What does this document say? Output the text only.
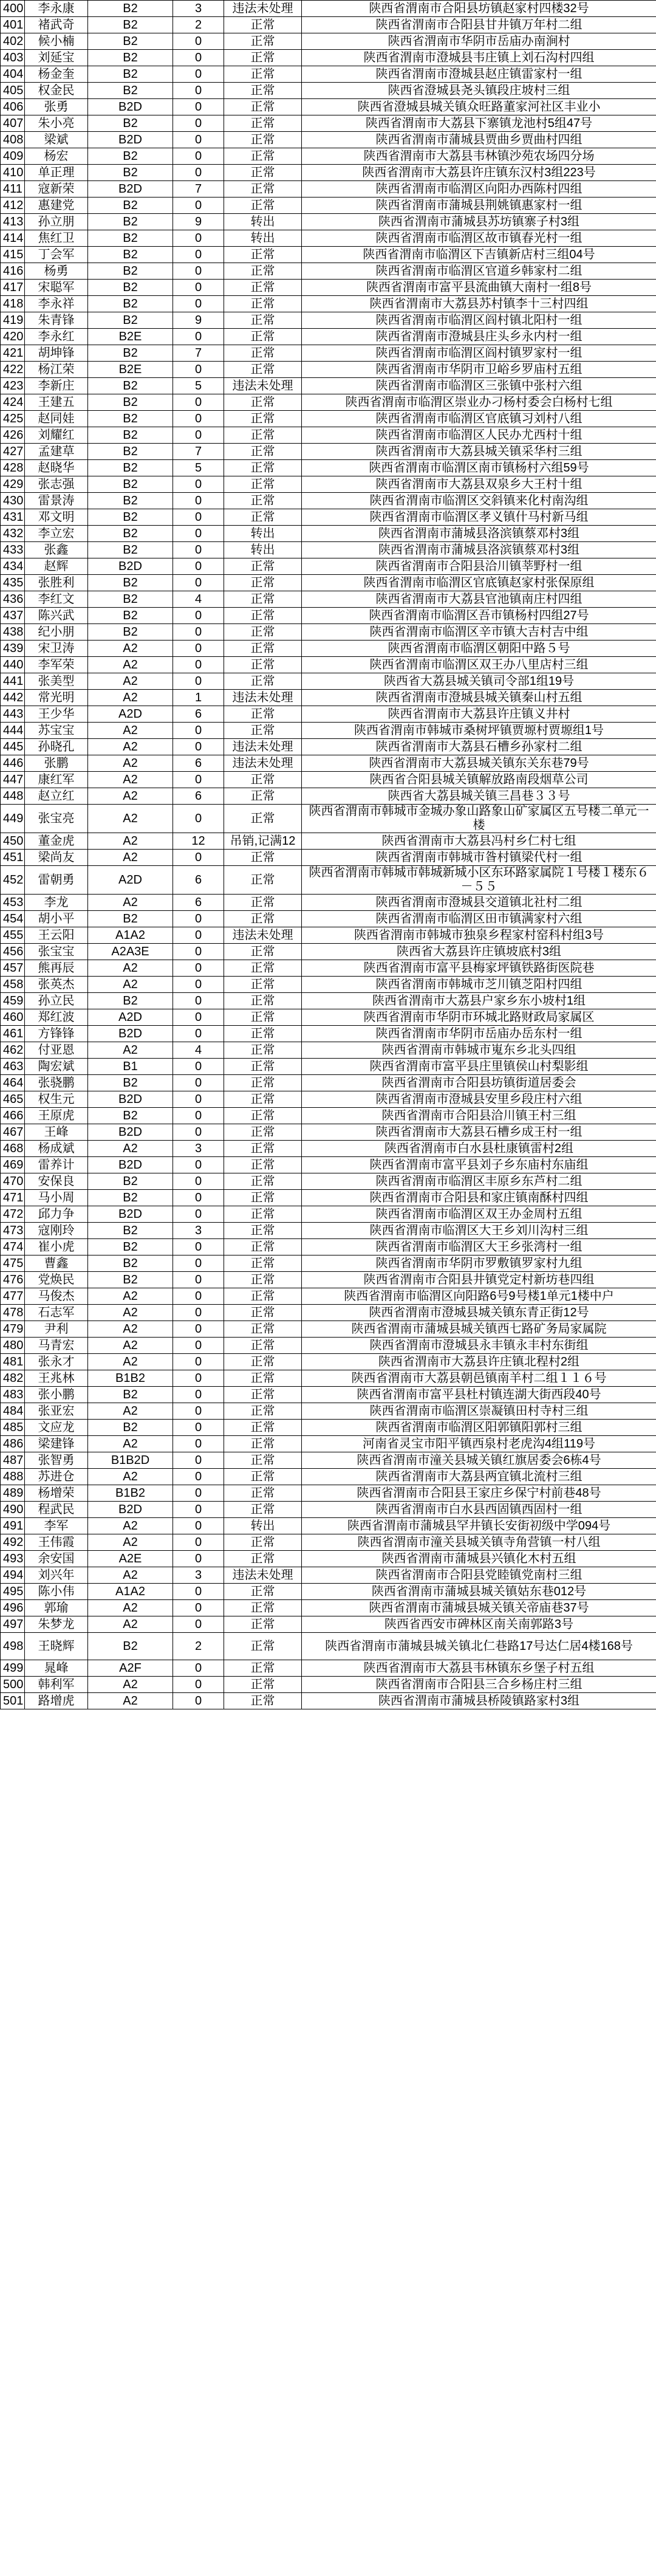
400	李永康	B2	3	违法未处理	陕西省渭南市合阳县坊镇赵家村四楼32号
401	褚武奇	B2	2	正常	陕西省渭南市合阳县甘井镇万年村二组
402	候小楠	B2	0	正常	陕西省渭南市华阴市岳庙办南涧村
403	刘延宝	B2	0	正常	陕西省渭南市澄城县韦庄镇上刘石沟村四组
404	杨金奎	B2	0	正常	陕西省渭南市澄城县赵庄镇雷家村一组
405	权金民	B2	0	正常	陕西省澄城县尧头镇段庄坡村三组
406	张勇	B2D	0	正常	陕西省澄城县城关镇众旺路董家河社区丰业小
407	朱小亮	B2	0	正常	陕西省渭南市大荔县下寨镇龙池村5组47号
408	梁斌	B2D	0	正常	陕西省渭南市蒲城县贾曲乡贾曲村四组
409	杨宏	B2	0	正常	陕西省渭南市大荔县韦林镇沙苑农场四分场
410	单正理	B2	0	正常	陕西省渭南市大荔县许庄镇东汉村3组223号
411	寇新荣	B2D	7	正常	陕西省渭南市临渭区向阳办西陈村四组
412	惠建党	B2	0	正常	陕西省渭南市蒲城县荆姚镇惠家村一组
413	孙立朋	B2	9	转出	陕西省渭南市蒲城县苏坊镇寨子村3组
414	焦红卫	B2	0	转出	陕西省渭南市临渭区故市镇春光村一组
415	丁会军	B2	0	正常	陕西省渭南市临渭区下吉镇新店村三组04号
416	杨勇	B2	0	正常	陕西省渭南市临渭区官道乡韩家村二组
417	宋聪军	B2	0	正常	陕西省渭南市富平县流曲镇大南村一组8号
418	李永祥	B2	0	正常	陕西省渭南市大荔县苏村镇李十三村四组
419	朱青锋	B2	9	正常	陕西省渭南市临渭区阎村镇北阳村一组
420	李永红	B2E	0	正常	陕西省渭南市澄城县庄头乡永内村一组
421	胡坤锋	B2	7	正常	陕西省渭南市临渭区阎村镇罗家村一组
422	杨江荣	B2E	0	正常	陕西省渭南市华阴市卫峪乡罗庙村五组
423	李新庄	B2	5	违法未处理	陕西省渭南市临渭区三张镇中张村六组
424	王建五	B2	0	正常	陕西省渭南市临渭区崇业办刁杨村委会白杨村七组
425	赵同娃	B2	0	正常	陕西省渭南市临渭区官底镇习刘村八组
426	刘耀红	B2	0	正常	陕西省渭南市临渭区人民办尤西村十组
427	孟建草	B2	7	正常	陕西省渭南市大荔县城关镇采华村三组
428	赵晓华	B2	5	正常	陕西省渭南市临渭区南市镇杨村六组59号
429	张志强	B2	0	正常	陕西省渭南市大荔县双泉乡大王村十组
430	雷景涛	B2	0	正常	陕西省渭南市临渭区交斜镇来化村南沟组
431	邓文明	B2	0	正常	陕西省渭南市临渭区孝义镇什马村新马组
432	李立宏	B2	0	转出	陕西省渭南市蒲城县洛滨镇蔡邓村3组
433	张鑫	B2	0	转出	陕西省渭南市蒲城县洛滨镇蔡邓村3组
434	赵辉	B2D	0	正常	陕西省渭南市合阳县洽川镇莘野村一组
435	张胜利	B2	0	正常	陕西省渭南市临渭区官底镇赵家村张保原组
436	李红文	B2	4	正常	陕西省渭南市大荔县官池镇南庄村四组
437	陈兴武	B2	0	正常	陕西省渭南市临渭区吾市镇杨村四组27号
438	纪小朋	B2	0	正常	陕西省渭南市临渭区辛市镇大吉村吉中组
439	宋卫涛	A2	0	正常	陕西省渭南市临渭区朝阳中路５号
440	李军荣	A2	0	正常	陕西省渭南市临渭区双王办八里店村三组
441	张美型	A2	0	正常	陕西省大荔县城关镇司令部1组19号
442	常光明	A2	1	违法未处理	陕西省渭南市澄城县城关镇秦山村五组
443	王少华	A2D	6	正常	陕西省渭南市大荔县许庄镇义井村
444	苏宝宝	A2	0	正常	陕西省渭南市韩城市桑树坪镇贾塬村贾塬组1号
445	孙晓孔	A2	0	违法未处理	陕西省渭南市大荔县石槽乡孙家村二组
446	张鹏	A2	6	违法未处理	陕西省渭南市大荔县城关镇东关东巷79号
447	康红军	A2	0	正常	陕西省合阳县城关镇解放路南段烟草公司
448	赵立红	A2	6	正常	陕西省大荔县城关镇三昌巷３３号
449	张宝亮	A2	0	正常	陕西省渭南市韩城市金城办象山路象山矿家属区五号楼二单元一楼
450	董金虎	A2	12	吊销,记满12	陕西省渭南市大荔县冯村乡仁村七组
451	梁尚友	A2	0	正常	陕西省渭南市韩城市昝村镇梁代村一组
452	雷朝勇	A2D	6	正常	陕西省渭南市韩城市韩城新城小区东环路家属院１号楼１楼东６－５５
453	李龙	A2	6	正常	陕西省渭南市澄城县交道镇北社村二组
454	胡小平	B2	0	正常	陕西省渭南市临渭区田市镇满家村六组
455	王云阳	A1A2	0	违法未处理	陕西省渭南市韩城市独泉乡程家村窑科村组3号
456	张宝宝	A2A3E	0	正常	陕西省大荔县许庄镇坡底村3组
457	熊再辰	A2	0	正常	陕西省渭南市富平县梅家坪镇铁路街医院巷
458	张英杰	A2	0	正常	陕西省渭南市韩城市芝川镇芝阳村四组
459	孙立民	B2	0	正常	陕西省渭南市大荔县户家乡东小坡村1组
460	郑红波	A2D	0	正常	陕西省渭南市华阴市环城北路财政局家属区
461	方锋锋	B2D	0	正常	陕西省渭南市华阴市岳庙办岳东村一组
462	付亚恩	A2	4	正常	陕西省渭南市韩城市嵬东乡北头四组
463	陶宏斌	B1	0	正常	陕西省渭南市富平县庄里镇侯山村梨影组
464	张骁鹏	B2	0	正常	陕西省渭南市合阳县坊镇街道居委会
465	权生元	B2D	0	正常	陕西省渭南市澄城县安里乡段庄村六组
466	王原虎	B2	0	正常	陕西省渭南市合阳县洽川镇王村三组
467	王峰	B2D	0	正常	陕西省渭南市大荔县石槽乡成王村一组
468	杨成斌	A2	3	正常	陕西省渭南市白水县杜康镇雷村2组
469	雷养计	B2D	0	正常	陕西省渭南市富平县刘子乡东庙村东庙组
470	安保良	B2	0	正常	陕西省渭南市临渭区丰原乡东芦村二组
471	马小周	B2	0	正常	陕西省渭南市合阳县和家庄镇南酥村四组
472	邱力争	B2D	0	正常	陕西省渭南市临渭区双王办金周村五组
473	寇刚玲	B2	3	正常	陕西省渭南市临渭区大王乡刘川沟村三组
474	崔小虎	B2	0	正常	陕西省渭南市临渭区大王乡张湾村一组
475	曹鑫	B2	0	正常	陕西省渭南市华阴市罗敷镇罗家村九组
476	党焕民	B2	0	正常	陕西省渭南市合阳县井镇党定村新坊巷四组
477	马俊杰	A2	0	正常	陕西省渭南市临渭区向阳路6号9号楼1单元1楼中户
478	石志军	A2	0	正常	陕西省渭南市澄城县城关镇东青正街12号
479	尹利	A2	0	正常	陕西省渭南市蒲城县城关镇西七路矿务局家属院
480	马青宏	A2	0	正常	陕西省渭南市澄城县永丰镇永丰村东街组
481	张永才	A2	0	正常	陕西省渭南市大荔县许庄镇北程村2组
482	王兆林	B1B2	0	正常	陕西省渭南市大荔县朝邑镇南羊村二组１１６号
483	张小鹏	B2	0	正常	陕西省渭南市富平县杜村镇连湖大街西段40号
484	张亚宏	A2	0	正常	陕西省渭南市临渭区崇凝镇田村寺村三组
485	文应龙	B2	0	正常	陕西省渭南市临渭区阳郭镇阳郭村三组
486	梁建锋	A2	0	正常	河南省灵宝市阳平镇西泉村老虎沟4组119号
487	张智勇	B1B2D	0	正常	陕西省渭南市潼关县城关镇红旗居委会6栋4号
488	苏进仓	A2	0	正常	陕西省渭南市大荔县两宜镇北流村三组
489	杨增荣	B1B2	0	正常	陕西省渭南市合阳县王家庄乡保宁村前巷48号
490	程武民	B2D	0	正常	陕西省渭南市白水县西固镇西固村一组
491	李军	A2	0	转出	陕西省渭南市蒲城县罕井镇长安街初级中学094号
492	王伟霞	A2	0	正常	陕西省渭南市潼关县城关镇寺角营镇一村八组
493	余安国	A2E	0	正常	陕西省渭南市蒲城县兴镇化木村五组
494	刘兴年	A2	3	违法未处理	陕西省渭南市合阳县党睦镇党南村三组
495	陈小伟	A1A2	0	正常	陕西省渭南市蒲城县城关镇姑东巷012号
496	郭瑜	A2	0	正常	陕西省渭南市蒲城县城关镇关帝庙巷37号
497	朱梦龙	A2	0	正常	陕西省西安市碑林区南关南郭路3号
498	王晓辉	B2	2	正常	陕西省渭南市蒲城县城关镇北仁巷路17号达仁居4楼168号
499	晁峰	A2F	0	正常	陕西省渭南市大荔县韦林镇东乡堡子村五组
500	韩利军	A2	0	正常	陕西省渭南市合阳县三合乡杨庄村三组
501	路增虎	A2	0	正常	陕西省渭南市蒲城县桥陵镇路家村3组
